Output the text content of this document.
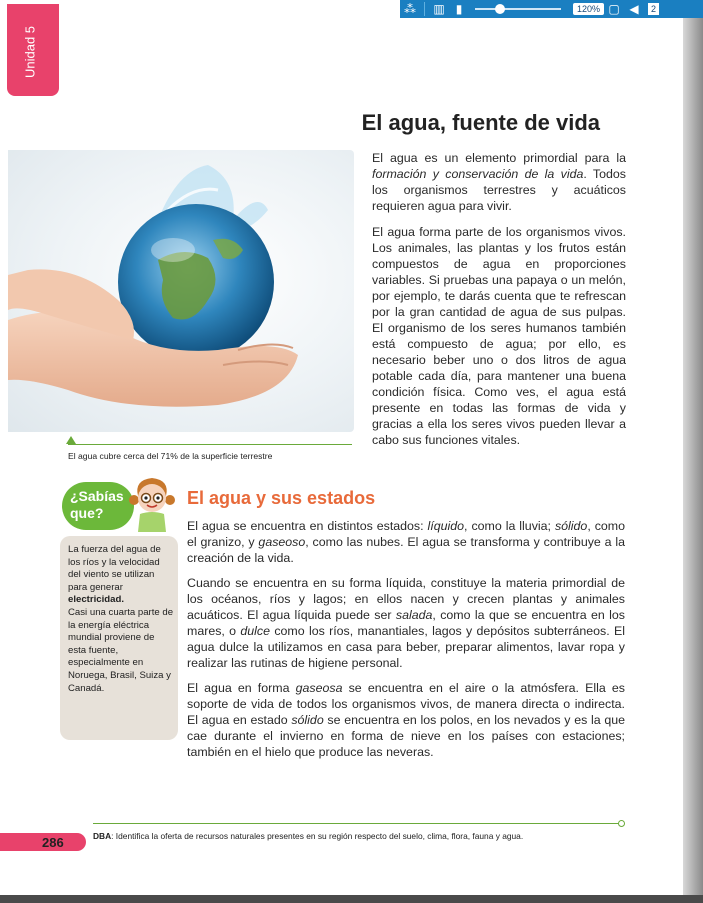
⁂	▥ ▮	120% ▢ ◀	2
Unidad 5
El agua, fuente de vida
El agua cubre cerca del 71% de la superficie terrestre

El agua es un elemento primordial para la formación y conservación de la vida. Todos los organismos terrestres y acuáticos requieren agua para vivir.

El agua forma parte de los organismos vivos. Los animales, las plantas y los frutos están compuestos de agua en proporciones variables. Si pruebas una papaya o un melón, por ejemplo, te darás cuenta que te refrescan por la gran cantidad de agua de sus pulpas. El organismo de los seres humanos también está compuesto de agua; por ello, es necesario beber uno o dos litros de agua potable cada día, para mantener una buena condición física. Como ves, el agua está presente en todas las formas de vida y gracias a ella los seres vivos pueden llevar a cabo sus funciones vitales.

¿Sabías
que?
La fuerza del agua de los ríos y la velocidad del viento se utilizan para generar electricidad.
Casi una cuarta parte de la energía eléctrica mundial proviene de esta fuente, especialmente en Noruega, Brasil, Suiza y Canadá.
El agua y sus estados

El agua se encuentra en distintos estados: líquido, como la lluvia; sólido, como el granizo, y gaseoso, como las nubes. El agua se transforma y contribuye a la creación de la vida.

Cuando se encuentra en su forma líquida, constituye la materia primordial de los océanos, ríos y lagos; en ellos nacen y crecen plantas y animales acuáticos. El agua líquida puede ser salada, como la que se encuentra en los mares, o dulce como los ríos, manantiales, lagos y depósitos subterráneos. El agua dulce la utilizamos en casa para beber, preparar alimentos, lavar ropa y realizar las rutinas de higiene personal.

El agua en forma gaseosa se encuentra en el aire o la atmósfera. Ella es soporte de vida de todos los organismos vivos, de manera directa o indirecta. El agua en estado sólido se encuentra en los polos, en los nevados y es la que cae durante el invierno en forma de nieve en los países con estaciones; también en el hielo que produce las neveras.

286	DBA: Identifica la oferta de recursos naturales presentes en su región respecto del suelo, clima, flora, fauna y agua.
